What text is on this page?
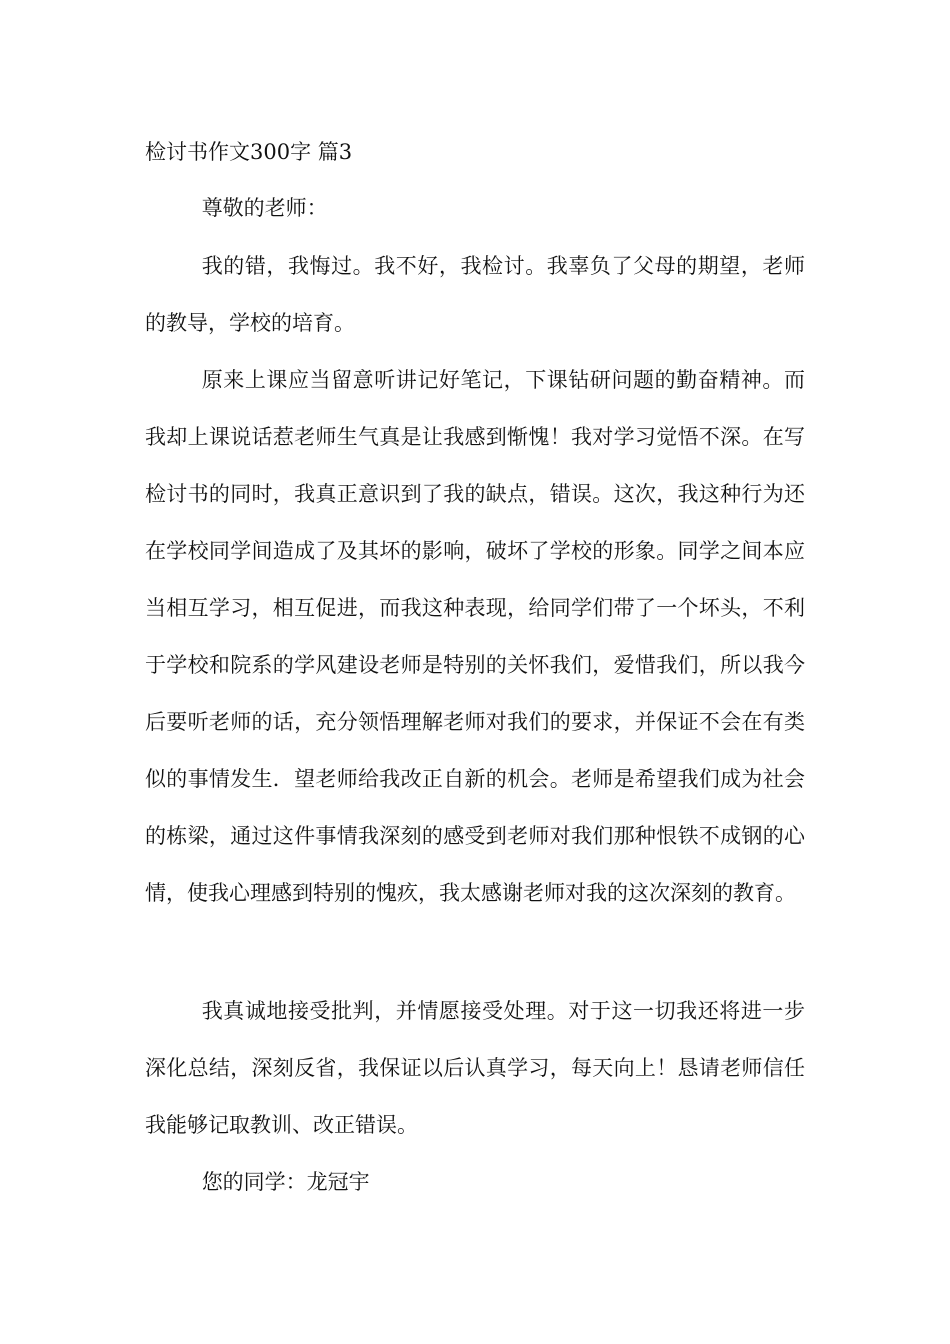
检讨书作文300字 篇3

尊敬的老师：

我的错，我悔过。我不好，我检讨。我辜负了父母的期望，老师的教导，学校的培育。

原来上课应当留意听讲记好笔记，下课钻研问题的勤奋精神。而我却上课说话惹老师生气真是让我感到惭愧！我对学习觉悟不深。在写检讨书的同时，我真正意识到了我的缺点，错误。这次，我这种行为还在学校同学间造成了及其坏的影响，破坏了学校的形象。同学之间本应当相互学习，相互促进，而我这种表现，给同学们带了一个坏头，不利于学校和院系的学风建设老师是特别的关怀我们，爱惜我们，所以我今后要听老师的话，充分领悟理解老师对我们的要求，并保证不会在有类似的事情发生．望老师给我改正自新的机会。老师是希望我们成为社会的栋梁，通过这件事情我深刻的感受到老师对我们那种恨铁不成钢的心情，使我心理感到特别的愧疚，我太感谢老师对我的这次深刻的教育。

我真诚地接受批判，并情愿接受处理。对于这一切我还将进一步深化总结，深刻反省，我保证以后认真学习，每天向上！恳请老师信任我能够记取教训、改正错误。

您的同学：龙冠宇
